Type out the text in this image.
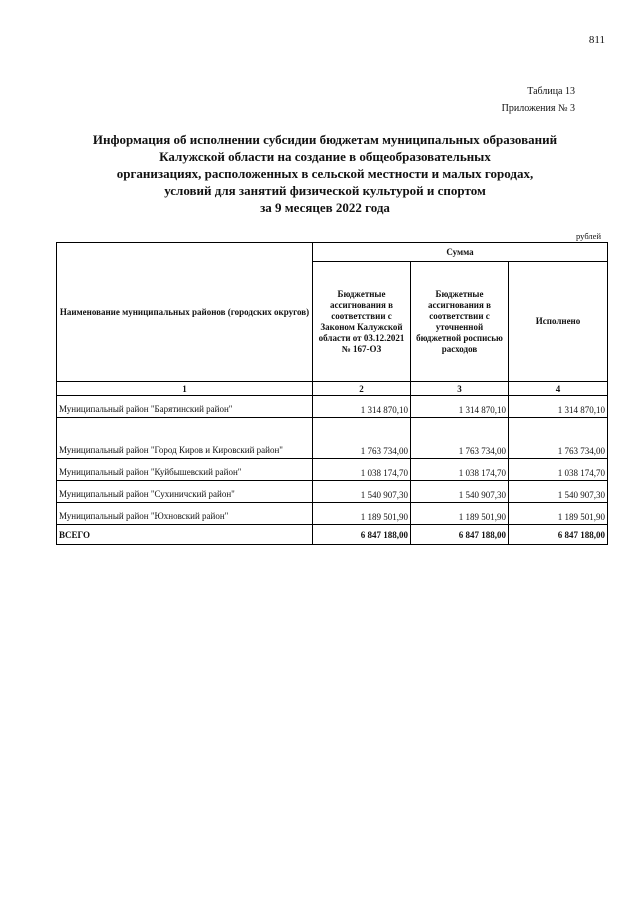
811
Таблица 13
Приложения № 3
Информация об исполнении субсидии бюджетам муниципальных образований
Калужской области на создание в общеобразовательных
организациях, расположенных в сельской местности и малых городах,
условий для занятий физической культурой и спортом
за 9 месяцев 2022 года
рублей
Наименование муниципальных районов (городских округов)	Сумма		
	Бюджетные ассигнования в соответствии с Законом Калужской области от 03.12.2021 № 167-ОЗ	Бюджетные ассигнования в соответствии с уточненной бюджетной росписью расходов	Исполнено
1	2	3	4
Муниципальный район "Барятинский район"	1 314 870,10	1 314 870,10	1 314 870,10
Муниципальный район "Город Киров и Кировский район"	1 763 734,00	1 763 734,00	1 763 734,00
Муниципальный район "Куйбышевский район"	1 038 174,70	1 038 174,70	1 038 174,70
Муниципальный район "Сухиничский район"	1 540 907,30	1 540 907,30	1 540 907,30
Муниципальный район "Юхновский район"	1 189 501,90	1 189 501,90	1 189 501,90
ВСЕГО	6 847 188,00	6 847 188,00	6 847 188,00
